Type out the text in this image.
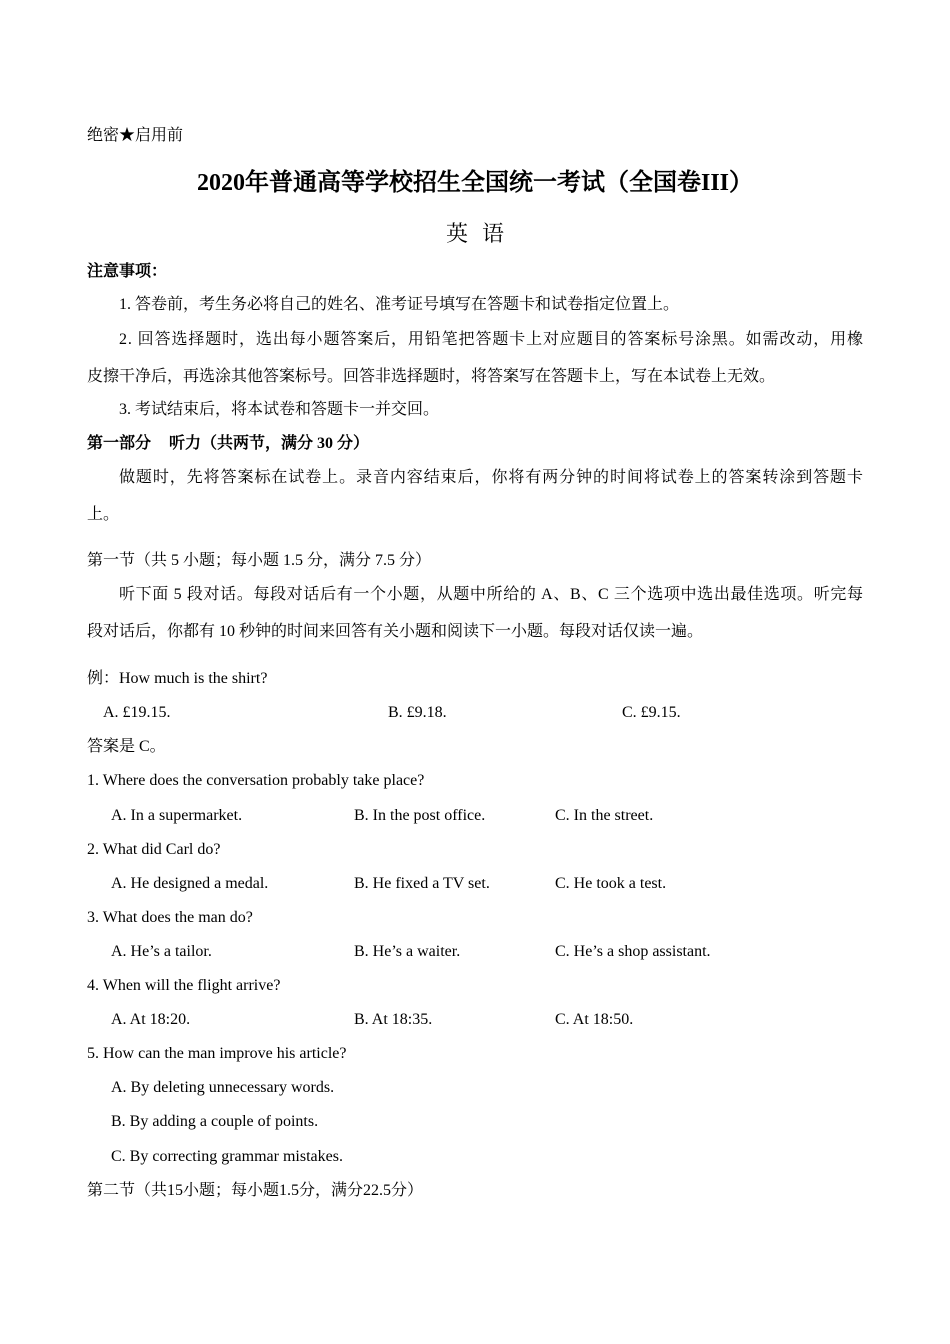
绝密★启用前
2020年普通高等学校招生全国统一考试（全国卷III）
英语
注意事项：
1. 答卷前，考生务必将自己的姓名、准考证号填写在答题卡和试卷指定位置上。
2. 回答选择题时，选出每小题答案后，用铅笔把答题卡上对应题目的答案标号涂黑。如需改动，用橡
皮擦干净后，再选涂其他答案标号。回答非选择题时，将答案写在答题卡上，写在本试卷上无效。
3. 考试结束后，将本试卷和答题卡一并交回。
第一部分 听力（共两节，满分 30 分）
做题时，先将答案标在试卷上。录音内容结束后，你将有两分钟的时间将试卷上的答案转涂到答题卡
上。
第一节（共 5 小题；每小题 1.5 分，满分 7.5 分）
听下面 5 段对话。每段对话后有一个小题，从题中所给的 A、B、C 三个选项中选出最佳选项。听完每
段对话后，你都有 10 秒钟的时间来回答有关小题和阅读下一小题。每段对话仅读一遍。
例：How much is the shirt?
A. £19.15.	B. £9.18.	C. £9.15.
答案是 C。
1. Where does the conversation probably take place?
A. In a supermarket.	B. In the post office.	C. In the street.
2. What did Carl do?
A. He designed a medal.	B. He fixed a TV set.	C. He took a test.
3. What does the man do?
A. He’s a tailor.	B. He’s a waiter.	C. He’s a shop assistant.
4. When will the flight arrive?
A. At 18:20.	B. At 18:35.	C. At 18:50.
5. How can the man improve his article?
A. By deleting unnecessary words.
B. By adding a couple of points.
C. By correcting grammar mistakes.
第二节（共15小题；每小题1.5分，满分22.5分）
